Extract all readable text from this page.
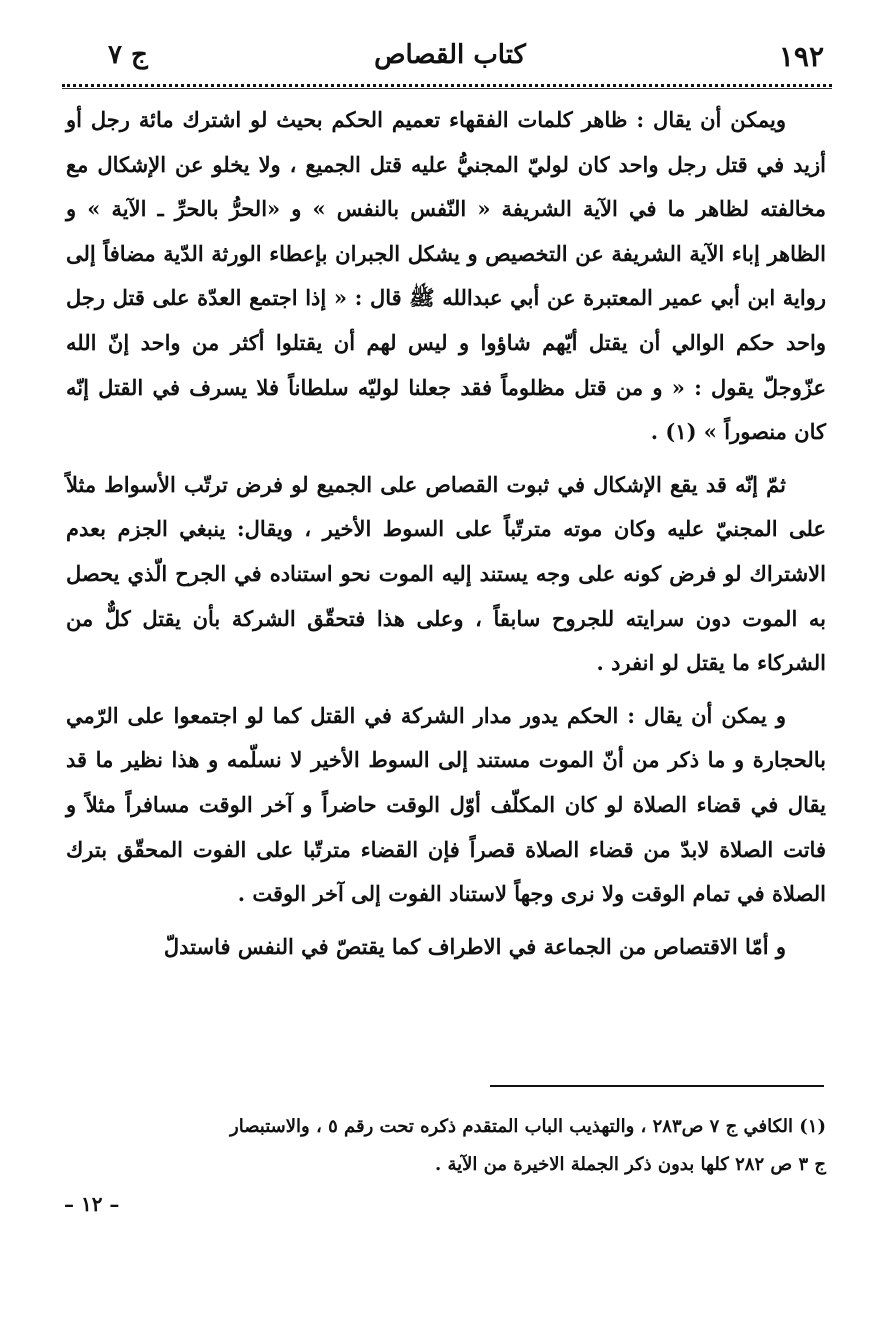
١٩٢
كتاب القصاص
ج ٧

ويمكن أن يقال : ظاهر كلمات الفقهاء تعميم الحكم بحيث لو اشترك مائة رجل أو أزيد في قتل رجل واحد كان لوليّ المجنيُّ عليه قتل الجميع ، ولا يخلو عن الإشكال مع مخالفته لظاهر ما في الآية الشريفة « النّفس بالنفس » و «الحرُّ بالحرِّ ـ الآية » و الظاهر إباء الآية الشريفة عن التخصيص و يشكل الجبران بإعطاء الورثة الدّية مضافاً إلى رواية ابن أبي عمير المعتبرة عن أبي عبدالله ﷺ قال : « إذا اجتمع العدّة على قتل رجل واحد حكم الوالي أن يقتل أيّهم شاؤوا و ليس لهم أن يقتلوا أكثر من واحد إنّ الله عزّوجلّ يقول : « و من قتل مظلوماً فقد جعلنا لوليّه سلطاناً فلا يسرف في القتل إنّه كان منصوراً » (١) .

ثمّ إنّه قد يقع الإشكال في ثبوت القصاص على الجميع لو فرض ترتّب الأسواط مثلاً على المجنيّ عليه وكان موته مترتّباً على السوط الأخير ، ويقال: ينبغي الجزم بعدم الاشتراك لو فرض كونه على وجه يستند إليه الموت نحو استناده في الجرح الّذي يحصل به الموت دون سرايته للجروح سابقاً ، وعلى هذا فتحقّق الشركة بأن يقتل كلٌّ من الشركاء ما يقتل لو انفرد .

و يمكن أن يقال : الحكم يدور مدار الشركة في القتل كما لو اجتمعوا على الرّمي بالحجارة و ما ذكر من أنّ الموت مستند إلى السوط الأخير لا نسلّمه و هذا نظير ما قد يقال في قضاء الصلاة لو كان المكلّف أوّل الوقت حاضراً و آخر الوقت مسافراً مثلاً و فاتت الصلاة لابدّ من قضاء الصلاة قصراً فإن القضاء مترتّبا على الفوت المحقّق بترك الصلاة في تمام الوقت ولا نرى وجهاً لاستناد الفوت إلى آخر الوقت .

و أمّا الاقتصاص من الجماعة في الاطراف كما يقتصّ في النفس فاستدلّ

(١) الكافي ج ٧ ص٢٨٣ ، والتهذيب الباب المتقدم ذكره تحت رقم ٥ ، والاستبصار

ج ٣ ص ٢٨٢ كلها بدون ذكر الجملة الاخيرة من الآية .

– ١٢ –
